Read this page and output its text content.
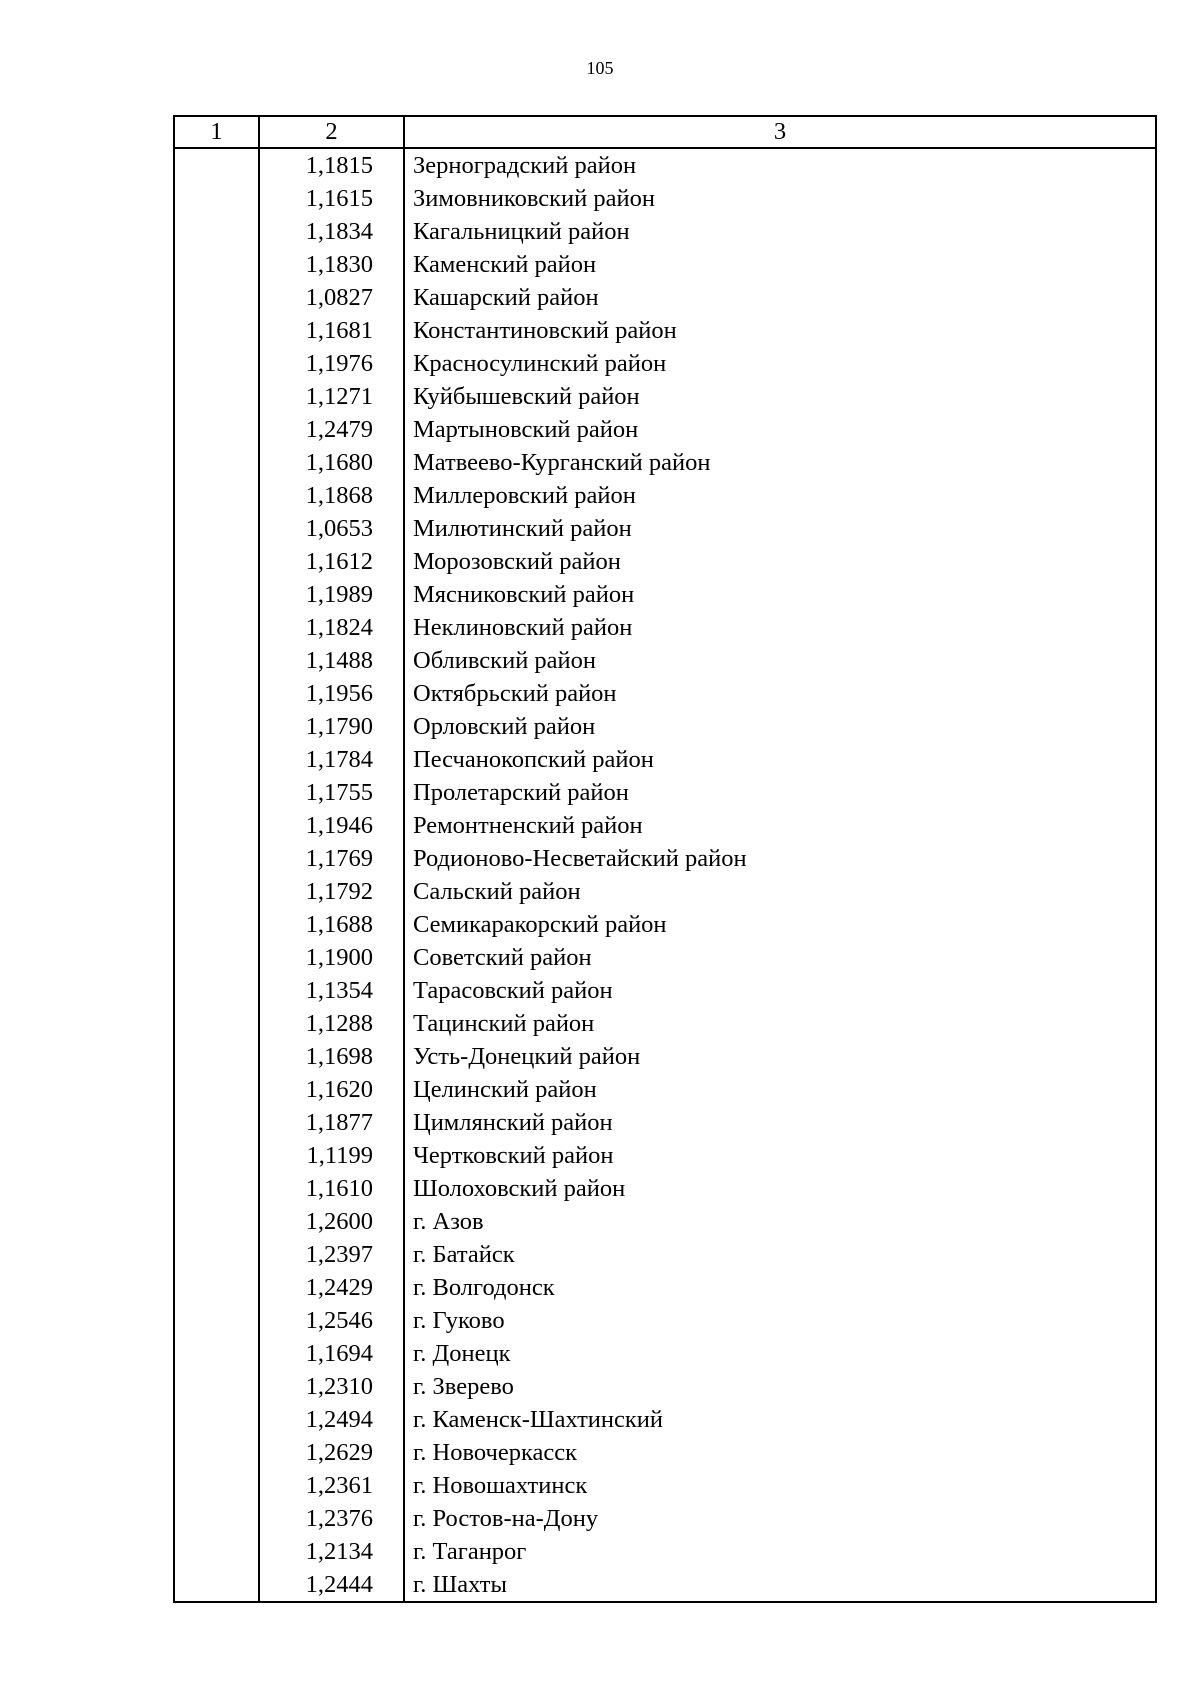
105
1	2	3
	1,1815	Зерноградский район
	1,1615	Зимовниковский район
	1,1834	Кагальницкий район
	1,1830	Каменский район
	1,0827	Кашарский район
	1,1681	Константиновский район
	1,1976	Красносулинский район
	1,1271	Куйбышевский район
	1,2479	Мартыновский район
	1,1680	Матвеево-Курганский район
	1,1868	Миллеровский район
	1,0653	Милютинский район
	1,1612	Морозовский район
	1,1989	Мясниковский район
	1,1824	Неклиновский район
	1,1488	Обливский район
	1,1956	Октябрьский район
	1,1790	Орловский район
	1,1784	Песчанокопский район
	1,1755	Пролетарский район
	1,1946	Ремонтненский район
	1,1769	Родионово-Несветайский район
	1,1792	Сальский район
	1,1688	Семикаракорский район
	1,1900	Советский район
	1,1354	Тарасовский район
	1,1288	Тацинский район
	1,1698	Усть-Донецкий район
	1,1620	Целинский район
	1,1877	Цимлянский район
	1,1199	Чертковский район
	1,1610	Шолоховский район
	1,2600	г. Азов
	1,2397	г. Батайск
	1,2429	г. Волгодонск
	1,2546	г. Гуково
	1,1694	г. Донецк
	1,2310	г. Зверево
	1,2494	г. Каменск-Шахтинский
	1,2629	г. Новочеркасск
	1,2361	г. Новошахтинск
	1,2376	г. Ростов-на-Дону
	1,2134	г. Таганрог
	1,2444	г. Шахты
